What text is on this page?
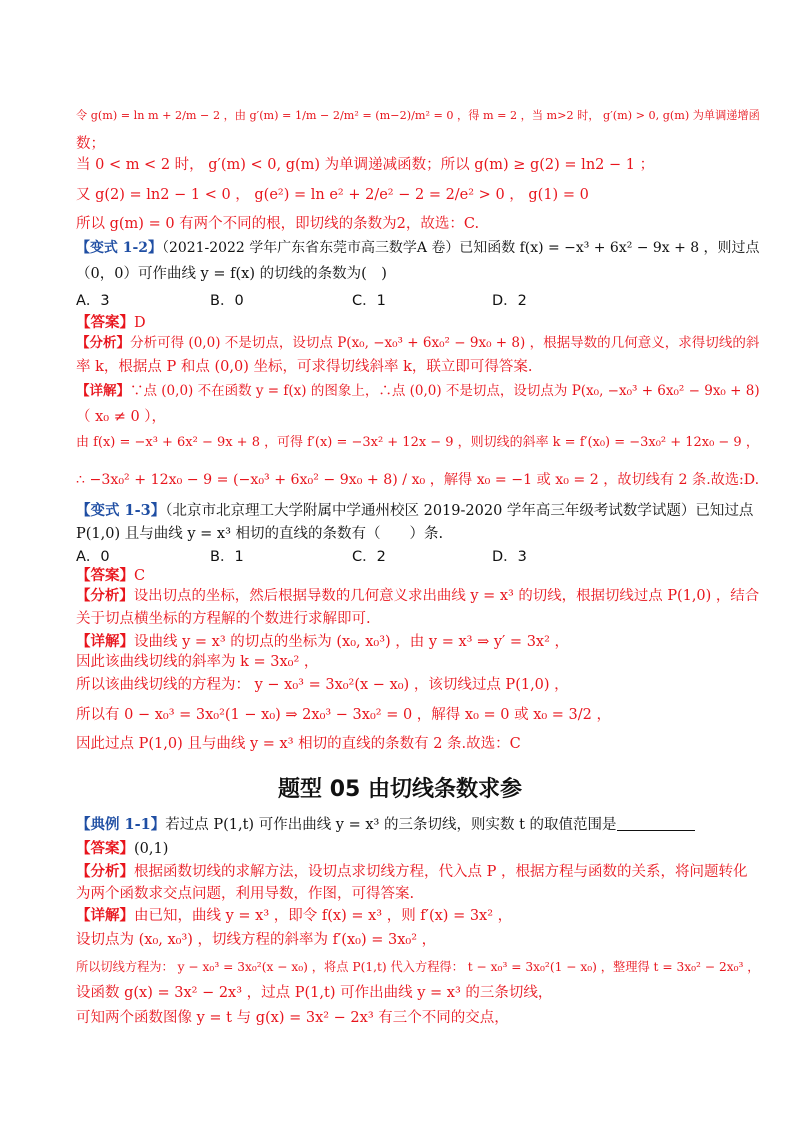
令 g(m) = ln m + 2/m − 2 ，由 g′(m) = 1/m − 2/m² = (m−2)/m² = 0 ，得 m = 2 ，当 m>2 时， g′(m) > 0, g(m) 为单调递增函
数；
当 0 < m < 2 时， g′(m) < 0, g(m) 为单调递减函数；所以 g(m) ≥ g(2) = ln2 − 1 ；
又 g(2) = ln2 − 1 < 0 ， g(e²) = ln e² + 2/e² − 2 = 2/e² > 0 ， g(1) = 0
所以 g(m) = 0 有两个不同的根，即切线的条数为2，故选：C.
【变式 1-2】（2021-2022 学年广东省东莞市高三数学A 卷）已知函数 f(x) = −x³ + 6x² − 9x + 8 ，则过点
（0，0）可作曲线 y = f(x) 的切线的条数为(　)
A．3	B．0	C．1	D．2
【答案】D
【分析】分析可得 (0,0) 不是切点，设切点 P(x₀, −x₀³ + 6x₀² − 9x₀ + 8) ，根据导数的几何意义，求得切线的斜
率 k，根据点 P 和点 (0,0) 坐标，可求得切线斜率 k，联立即可得答案.
【详解】∵点 (0,0) 不在函数 y = f(x) 的图象上，∴点 (0,0) 不是切点，设切点为 P(x₀, −x₀³ + 6x₀² − 9x₀ + 8)
（ x₀ ≠ 0 ），
由 f(x) = −x³ + 6x² − 9x + 8 ，可得 f′(x) = −3x² + 12x − 9 ，则切线的斜率 k = f′(x₀) = −3x₀² + 12x₀ − 9 ，
∴ −3x₀² + 12x₀ − 9 = (−x₀³ + 6x₀² − 9x₀ + 8) / x₀ ，解得 x₀ = −1 或 x₀ = 2 ，故切线有 2 条.故选:D.
【变式 1-3】（北京市北京理工大学附属中学通州校区 2019-2020 学年高三年级考试数学试题）已知过点
P(1,0) 且与曲线 y = x³ 相切的直线的条数有（　　）条.
A．0	B．1	C．2	D．3
【答案】C
【分析】设出切点的坐标，然后根据导数的几何意义求出曲线 y = x³ 的切线，根据切线过点 P(1,0) ，结合
关于切点横坐标的方程解的个数进行求解即可.
【详解】设曲线 y = x³ 的切点的坐标为 (x₀, x₀³) ，由 y = x³ ⇒ y′ = 3x² ，
因此该曲线切线的斜率为 k = 3x₀² ，
所以该曲线切线的方程为： y − x₀³ = 3x₀²(x − x₀) ，该切线过点 P(1,0) ，
所以有 0 − x₀³ = 3x₀²(1 − x₀) ⇒ 2x₀³ − 3x₀² = 0 ，解得 x₀ = 0 或 x₀ = 3/2 ，
因此过点 P(1,0) 且与曲线 y = x³ 相切的直线的条数有 2 条.故选：C
题型 05 由切线条数求参
【典例 1-1】若过点 P(1,t) 可作出曲线 y = x³ 的三条切线，则实数 t 的取值范围是
【答案】(0,1)
【分析】根据函数切线的求解方法，设切点求切线方程，代入点 P ，根据方程与函数的关系，将问题转化
为两个函数求交点问题，利用导数，作图，可得答案.
【详解】由已知，曲线 y = x³ ，即令 f(x) = x³ ，则 f′(x) = 3x² ，
设切点为 (x₀, x₀³) ，切线方程的斜率为 f′(x₀) = 3x₀² ，
所以切线方程为： y − x₀³ = 3x₀²(x − x₀) ，将点 P(1,t) 代入方程得： t − x₀³ = 3x₀²(1 − x₀) ，整理得 t = 3x₀² − 2x₀³ ，
设函数 g(x) = 3x² − 2x³ ，过点 P(1,t) 可作出曲线 y = x³ 的三条切线，
可知两个函数图像 y = t 与 g(x) = 3x² − 2x³ 有三个不同的交点，
